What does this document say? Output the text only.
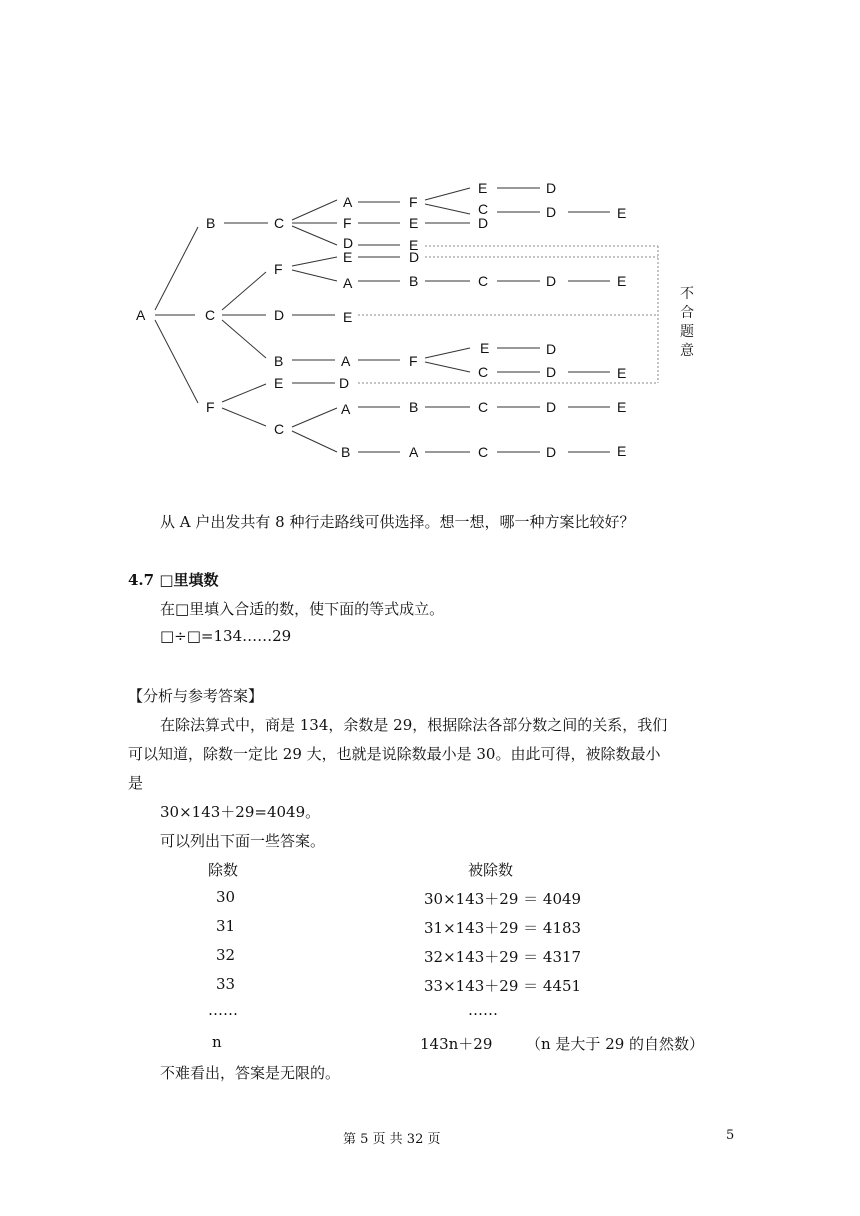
A
B	C
A
F
D
F
E
E
E
C
D
D
D	E
F
E
A
D
B	C	D	E
C	D	E
B	A	F
E
C
D
D	E
F
E	D
C
A	B	C	D	E
B	A	C	D	E
不
合
题
意
从 A 户出发共有 8 种行走路线可供选择。想一想，哪一种方案比较好？
4.7 □里填数
在□里填入合适的数，使下面的等式成立。
□÷□=134……29
【分析与参考答案】
在除法算式中，商是 134，余数是 29，根据除法各部分数之间的关系，我们
可以知道，除数一定比 29 大，也就是说除数最小是 30。由此可得，被除数最小
是
30×143＋29=4049。
可以列出下面一些答案。
除数	被除数
30	30×143＋29 ＝ 4049
31	31×143＋29 ＝ 4183
32	32×143＋29 ＝ 4317
33	33×143＋29 ＝ 4451
……	……
n	143n＋29 （n 是大于 29 的自然数）
不难看出，答案是无限的。
第 5 页 共 32 页	5
